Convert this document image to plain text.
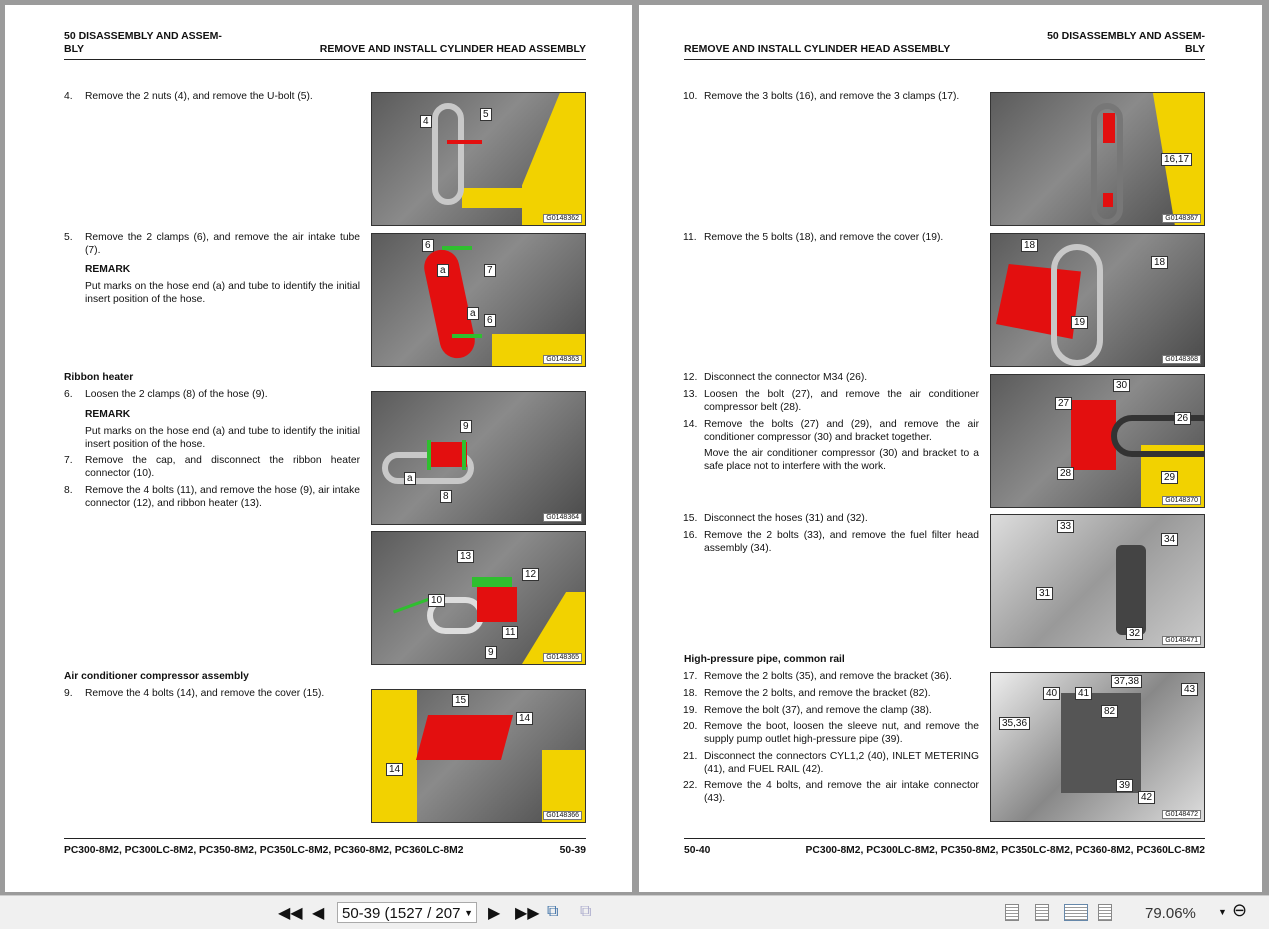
50 DISASSEMBLY AND ASSEM-
BLY	REMOVE AND INSTALL CYLINDER HEAD ASSEMBLY
4. Remove the 2 nuts (4), and remove the U-bolt (5).
5. Remove the 2 clamps (6), and remove the air intake tube (7).
REMARK
Put marks on the hose end (a) and tube to identify the initial insert position of the hose.
Ribbon heater
6. Loosen the 2 clamps (8) of the hose (9).
REMARK
Put marks on the hose end (a) and tube to identify the initial insert position of the hose.
7. Remove the cap, and disconnect the ribbon heater connector (10).
8. Remove the 4 bolts (11), and remove the hose (9), air intake connector (12), and ribbon heater (13).
Air conditioner compressor assembly
9. Remove the 4 bolts (14), and remove the cover (15).
4
5
G0148362
6
a	7
a
6
G0148363
9
a
8
G0148364
13
12
10
11
9	G0148365
15
14
14
G0148366
PC300-8M2, PC300LC-8M2, PC350-8M2, PC350LC-8M2, PC360-8M2, PC360LC-8M2	50-39
REMOVE AND INSTALL CYLINDER HEAD ASSEMBLY
50 DISASSEMBLY AND ASSEM-
BLY
10. Remove the 3 bolts (16), and remove the 3 clamps (17).
11. Remove the 5 bolts (18), and remove the cover (19).
12. Disconnect the connector M34 (26).
13. Loosen the bolt (27), and remove the air conditioner compressor belt (28).
14. Remove the bolts (27) and (29), and remove the air conditioner compressor (30) and bracket together.
Move the air conditioner compressor (30) and bracket to a safe place not to interfere with the work.
15. Disconnect the hoses (31) and (32).
16. Remove the 2 bolts (33), and remove the fuel filter head assembly (34).
High-pressure pipe, common rail
17. Remove the 2 bolts (35), and remove the bracket (36).
18. Remove the 2 bolts, and remove the bracket (82).
19. Remove the bolt (37), and remove the clamp (38).
20. Remove the boot, loosen the sleeve nut, and remove the supply pump outlet high-pressure pipe (39).
21. Disconnect the connectors CYL1,2 (40), INLET METERING (41), and FUEL RAIL (42).
22. Remove the 4 bolts, and remove the air intake connector (43).
16,17
G0148367
18
18
19
G0148368
30
27
26
28	29
G0148370
33
34
31
32
G0148471
37,38
40	41	43
35,36
82
39
42
G0148472
50-40	PC300-8M2, PC300LC-8M2, PC350-8M2, PC350LC-8M2, PC360-8M2, PC360LC-8M2
◀◀ ◀	50-39 (1527 / 207 ▼ ▶ ▶▶ ⧉ ⧉	79.06% ▼ ⊖
